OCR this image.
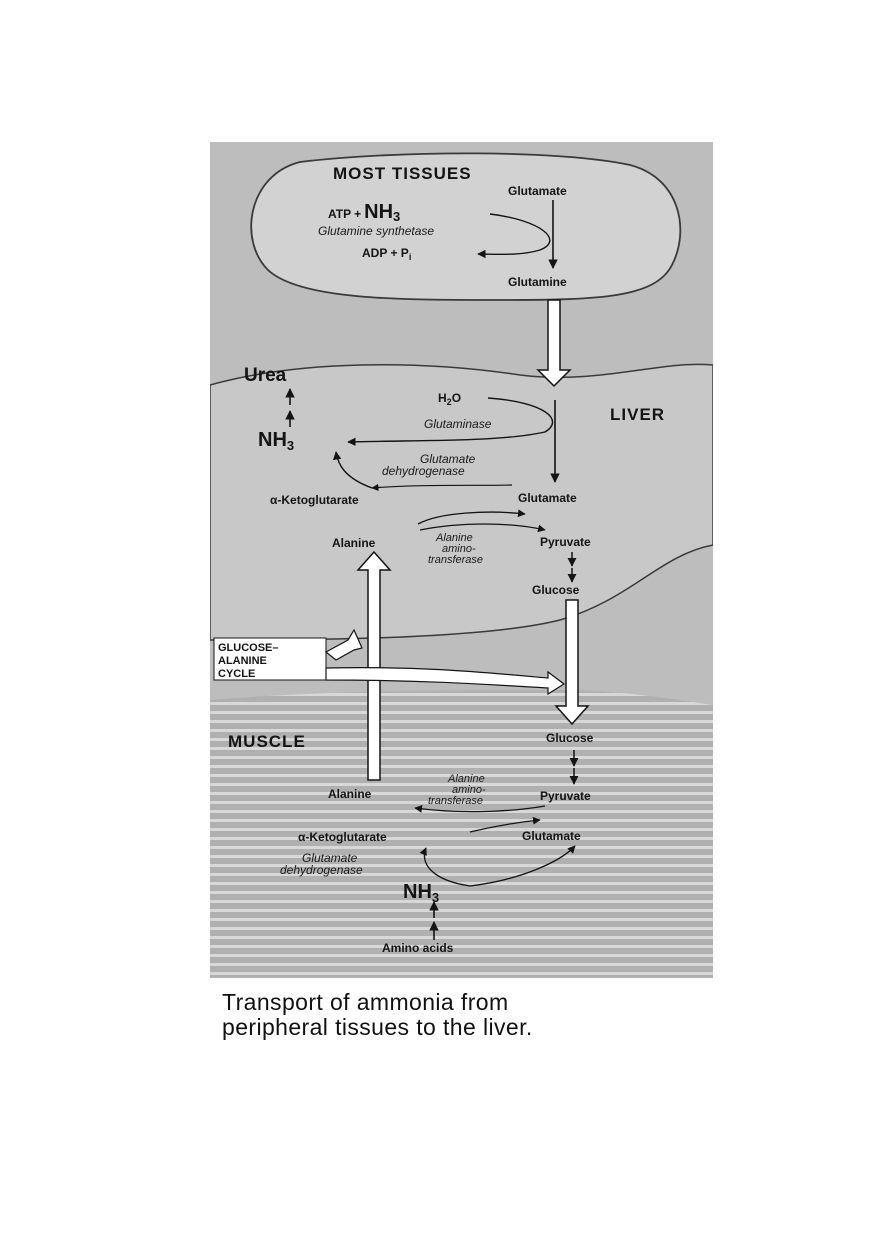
MOST TISSUES
LIVER
MUSCLE
Glutamate
ATP + NH3
Glutamine synthetase
ADP + Pi
Glutamine
Urea
$NH_3$
H2O
Glutaminase
Glutamate
dehydrogenase
α-Ketoglutarate	Glutamate
Alanine	Alanine
amino-
transferase
Pyruvate
Glucose
GLUCOSE–
ALANINE
CYCLE
Glucose
Alanine
amino-
transferase
Alanine	Pyruvate
α-Ketoglutarate	Glutamate
Glutamate
dehydrogenase
$NH_3$
Amino acids
Transport of ammonia from
peripheral tissues to the liver.
